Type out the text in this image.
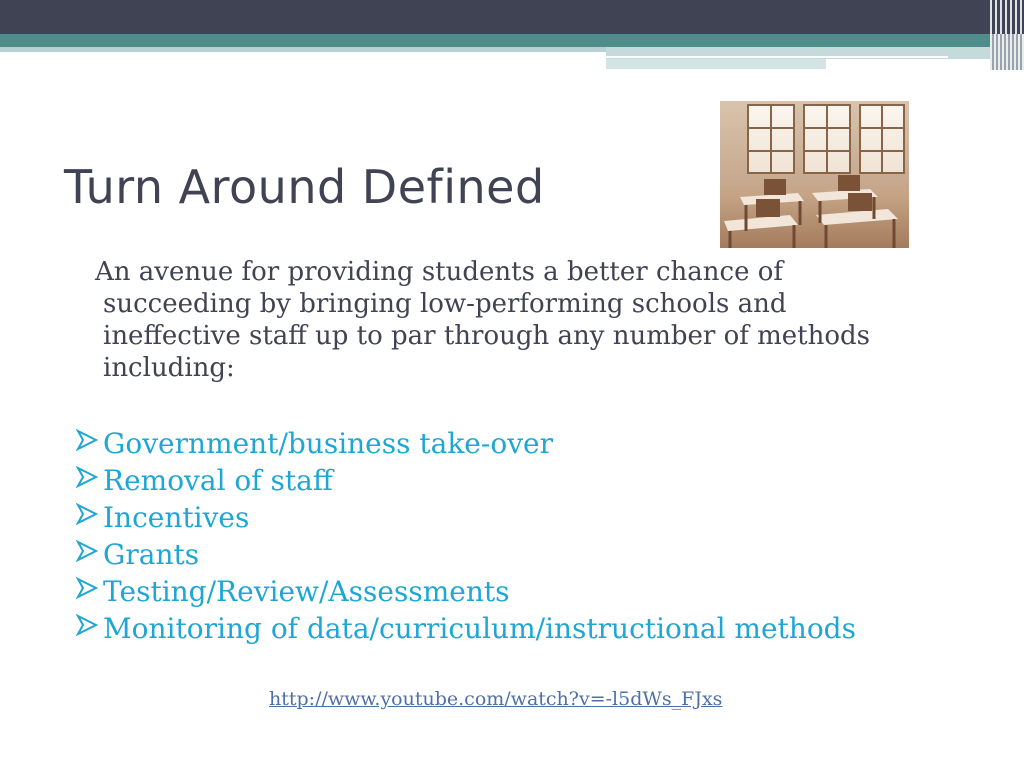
Turn Around Defined

An avenue for providing students a better chance of succeeding by bringing low-performing schools and ineffective staff up to par through any number of methods including:

Government/business take-over
Removal of staff
Incentives
Grants
Testing/Review/Assessments
Monitoring of data/curriculum/instructional methods
http://www.youtube.com/watch?v=-l5dWs_FJxs
